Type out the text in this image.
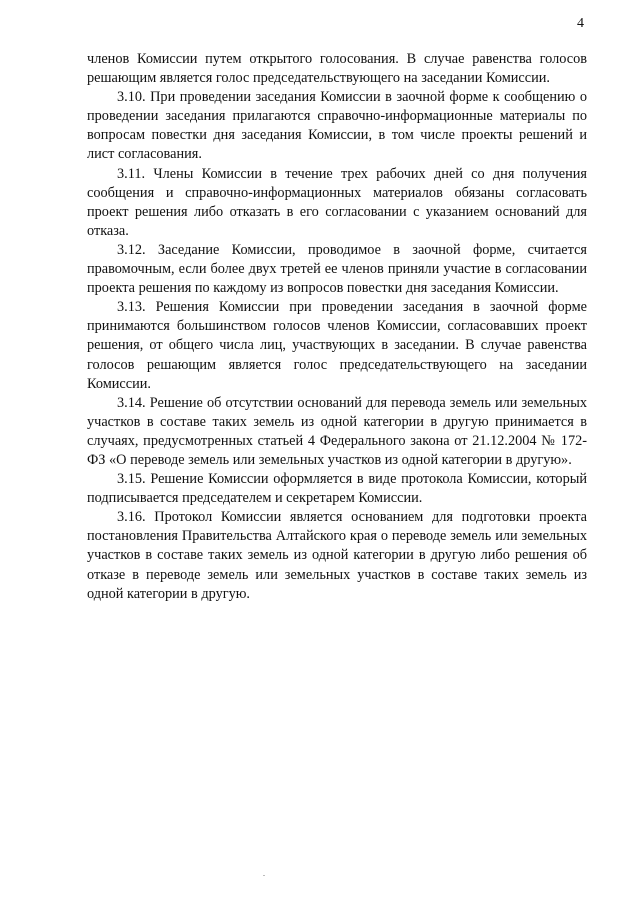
4

членов Комиссии путем открытого голосования. В случае равенства голосов решающим является голос председательствующего на заседании Комиссии.

3.10. При проведении заседания Комиссии в заочной форме к сообщению о проведении заседания прилагаются справочно-информационные материалы по вопросам повестки дня заседания Комиссии, в том числе проекты решений и лист согласования.

3.11. Члены Комиссии в течение трех рабочих дней со дня получения сообщения и справочно-информационных материалов обязаны согласовать проект решения либо отказать в его согласовании с указанием оснований для отказа.

3.12. Заседание Комиссии, проводимое в заочной форме, считается правомочным, если более двух третей ее членов приняли участие в согласовании проекта решения по каждому из вопросов повестки дня заседания Комиссии.

3.13. Решения Комиссии при проведении заседания в заочной форме принимаются большинством голосов членов Комиссии, согласовавших проект решения, от общего числа лиц, участвующих в заседании. В случае равенства голосов решающим является голос председательствующего на заседании Комиссии.

3.14. Решение об отсутствии оснований для перевода земель или земельных участков в составе таких земель из одной категории в другую принимается в случаях, предусмотренных статьей 4 Федерального закона от 21.12.2004 № 172-ФЗ «О переводе земель или земельных участков из одной категории в другую».

3.15. Решение Комиссии оформляется в виде протокола Комиссии, который подписывается председателем и секретарем Комиссии.

3.16. Протокол Комиссии является основанием для подготовки проекта постановления Правительства Алтайского края о переводе земель или земельных участков в составе таких земель из одной категории в другую либо решения об отказе в переводе земель или земельных участков в составе таких земель из одной категории в другую.
